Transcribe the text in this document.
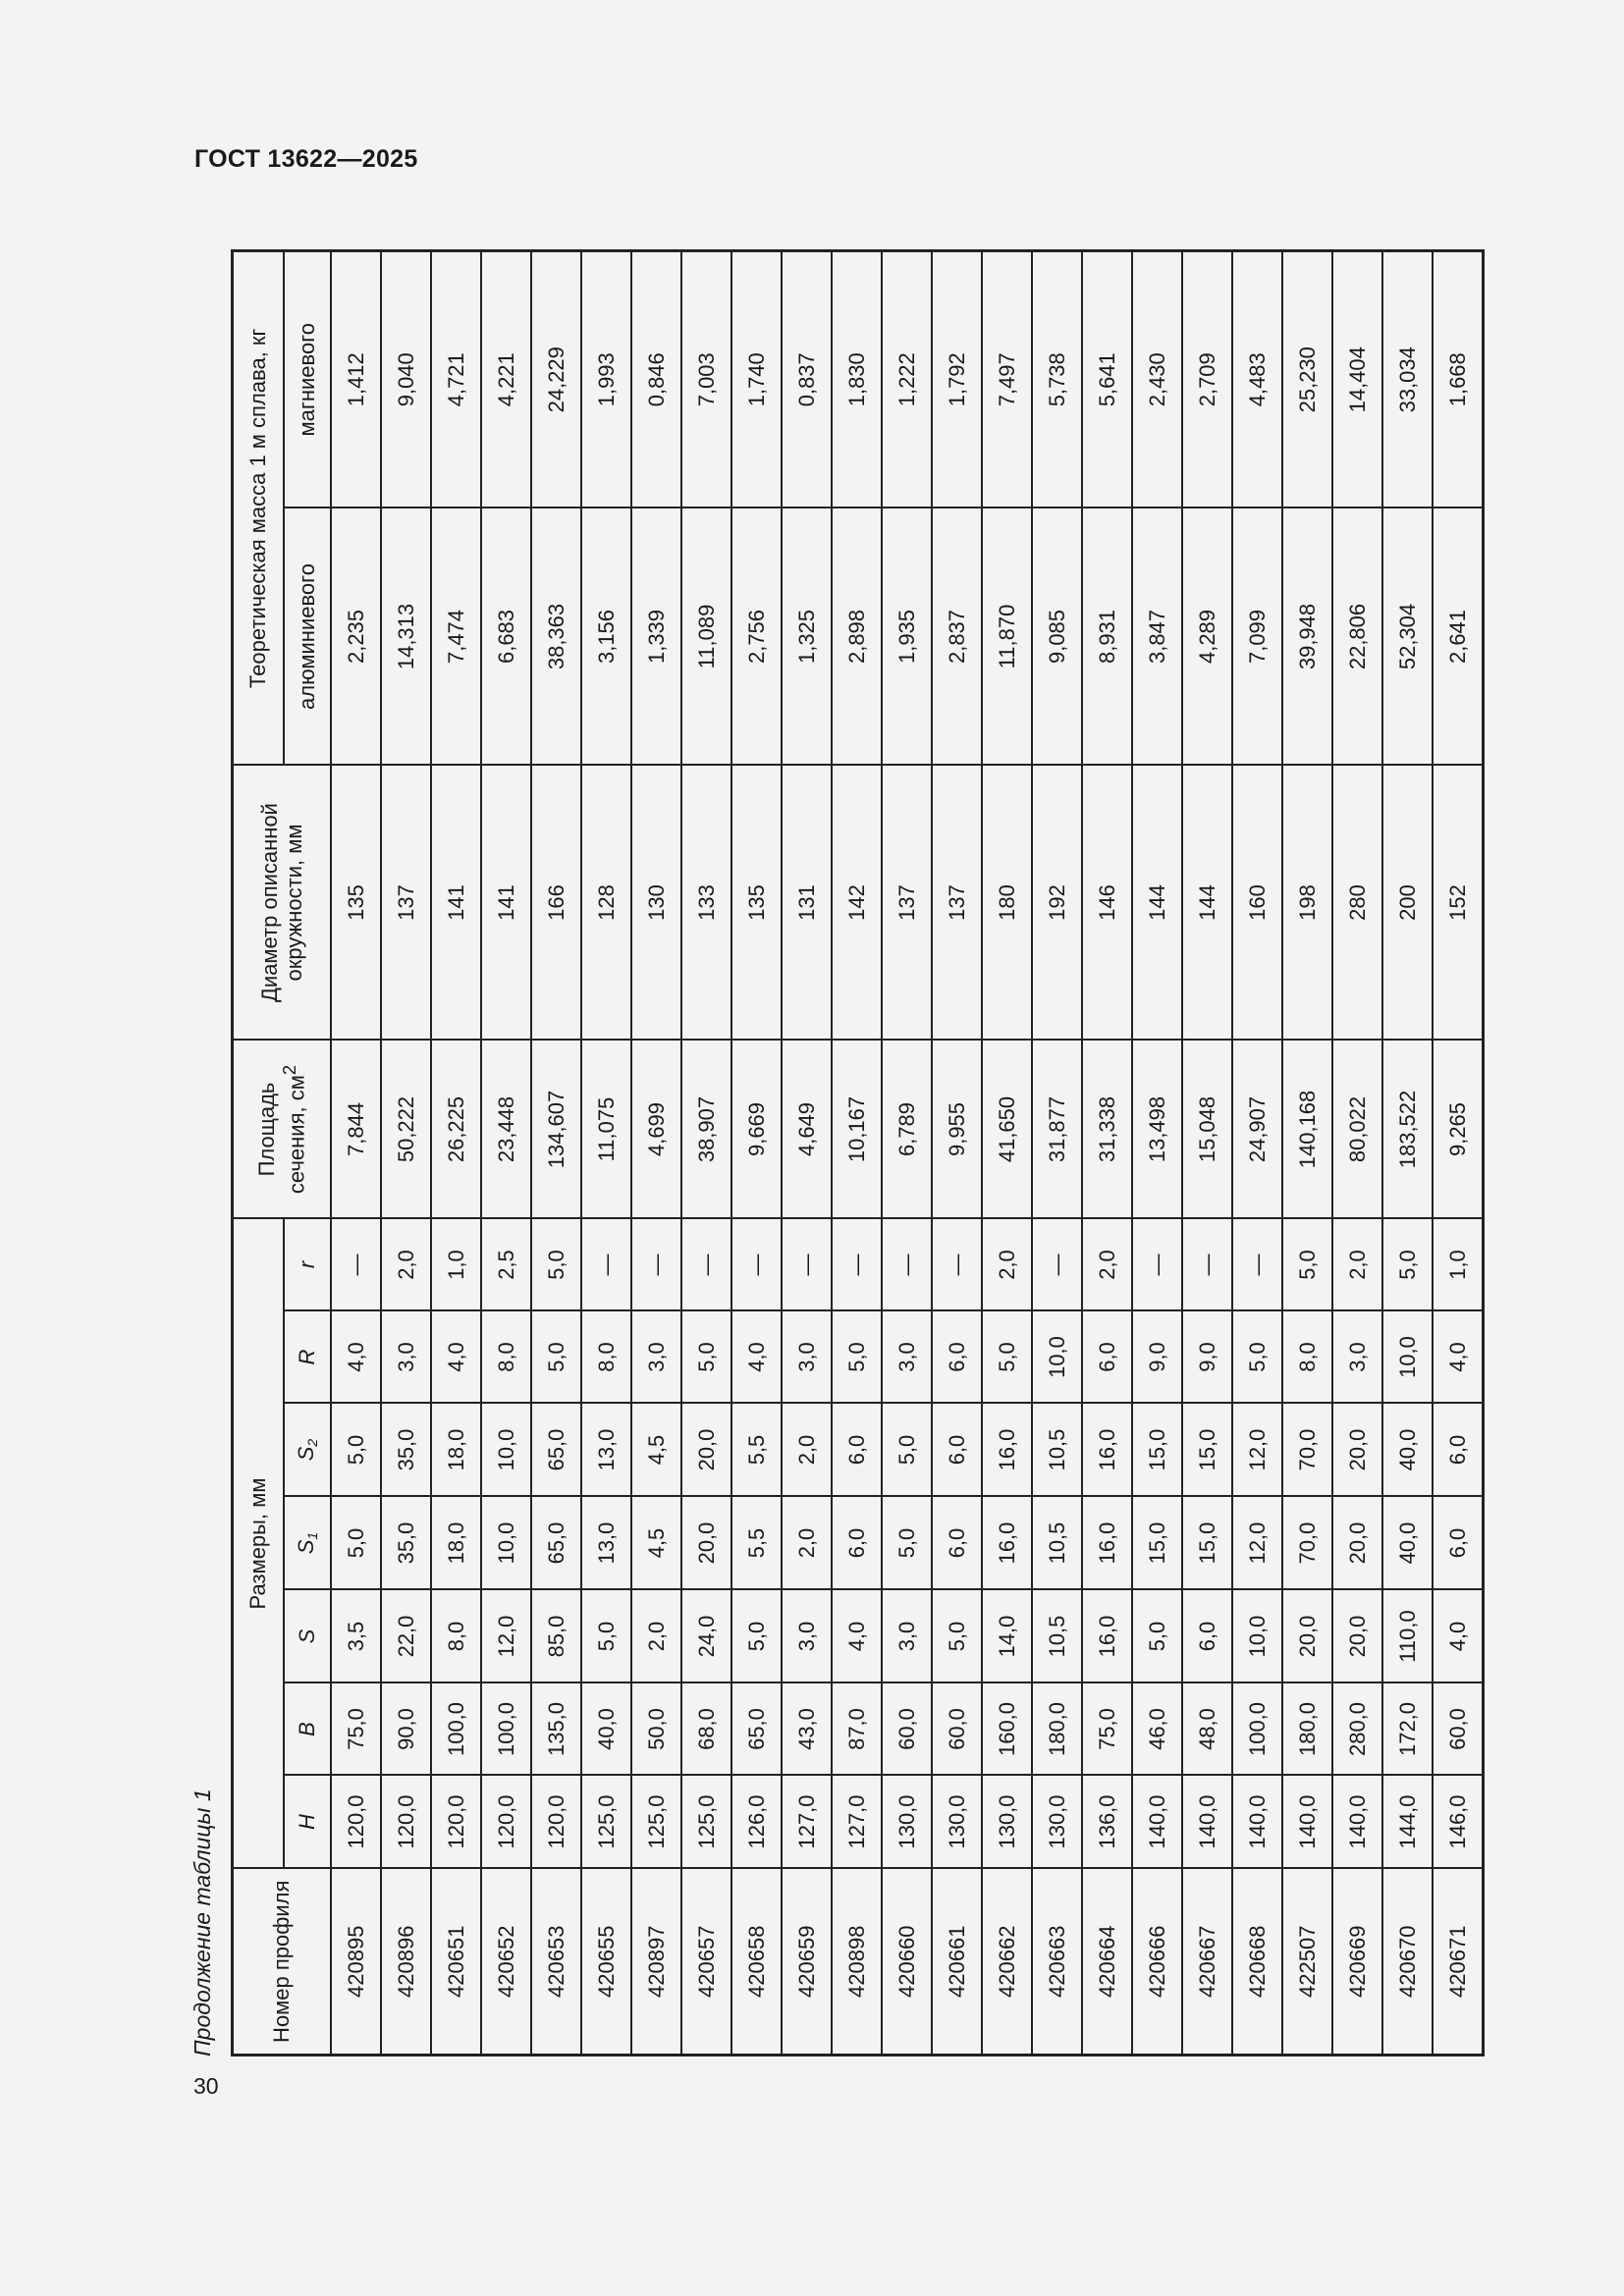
ГОСТ 13622—2025
Продолжение таблицы 1	Номер профиля	Размеры, мм							Площадь сечения, $см^2$	Диаметр описанной окружности, мм	Теоретическая масса 1 м сплава, кг	
	H	B	S	$S_1$	$S_2$	R	r			алюминиевого	магниевого
420895	120,0	75,0	3,5	5,0	5,0	4,0	—	7,844	135	2,235	1,412
420896	120,0	90,0	22,0	35,0	35,0	3,0	2,0	50,222	137	14,313	9,040
420651	120,0	100,0	8,0	18,0	18,0	4,0	1,0	26,225	141	7,474	4,721
420652	120,0	100,0	12,0	10,0	10,0	8,0	2,5	23,448	141	6,683	4,221
420653	120,0	135,0	85,0	65,0	65,0	5,0	5,0	134,607	166	38,363	24,229
420655	125,0	40,0	5,0	13,0	13,0	8,0	—	11,075	128	3,156	1,993
420897	125,0	50,0	2,0	4,5	4,5	3,0	—	4,699	130	1,339	0,846
420657	125,0	68,0	24,0	20,0	20,0	5,0	—	38,907	133	11,089	7,003
420658	126,0	65,0	5,0	5,5	5,5	4,0	—	9,669	135	2,756	1,740
420659	127,0	43,0	3,0	2,0	2,0	3,0	—	4,649	131	1,325	0,837
420898	127,0	87,0	4,0	6,0	6,0	5,0	—	10,167	142	2,898	1,830
420660	130,0	60,0	3,0	5,0	5,0	3,0	—	6,789	137	1,935	1,222
420661	130,0	60,0	5,0	6,0	6,0	6,0	—	9,955	137	2,837	1,792
420662	130,0	160,0	14,0	16,0	16,0	5,0	2,0	41,650	180	11,870	7,497
420663	130,0	180,0	10,5	10,5	10,5	10,0	—	31,877	192	9,085	5,738
420664	136,0	75,0	16,0	16,0	16,0	6,0	2,0	31,338	146	8,931	5,641
420666	140,0	46,0	5,0	15,0	15,0	9,0	—	13,498	144	3,847	2,430
420667	140,0	48,0	6,0	15,0	15,0	9,0	—	15,048	144	4,289	2,709
420668	140,0	100,0	10,0	12,0	12,0	5,0	—	24,907	160	7,099	4,483
422507	140,0	180,0	20,0	70,0	70,0	8,0	5,0	140,168	198	39,948	25,230
420669	140,0	280,0	20,0	20,0	20,0	3,0	2,0	80,022	280	22,806	14,404
420670	144,0	172,0	110,0	40,0	40,0	10,0	5,0	183,522	200	52,304	33,034
420671	146,0	60,0	4,0	6,0	6,0	4,0	1,0	9,265	152	2,641	1,668
30
